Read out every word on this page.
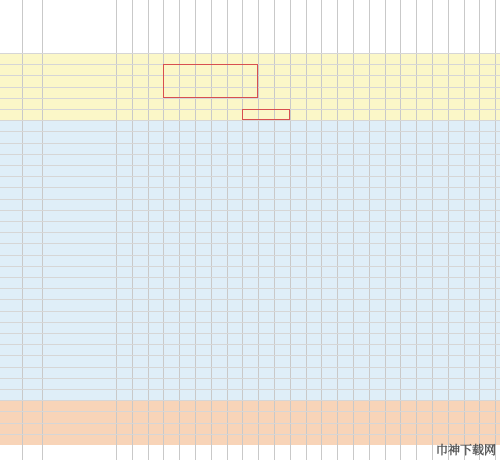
巾神下载网
